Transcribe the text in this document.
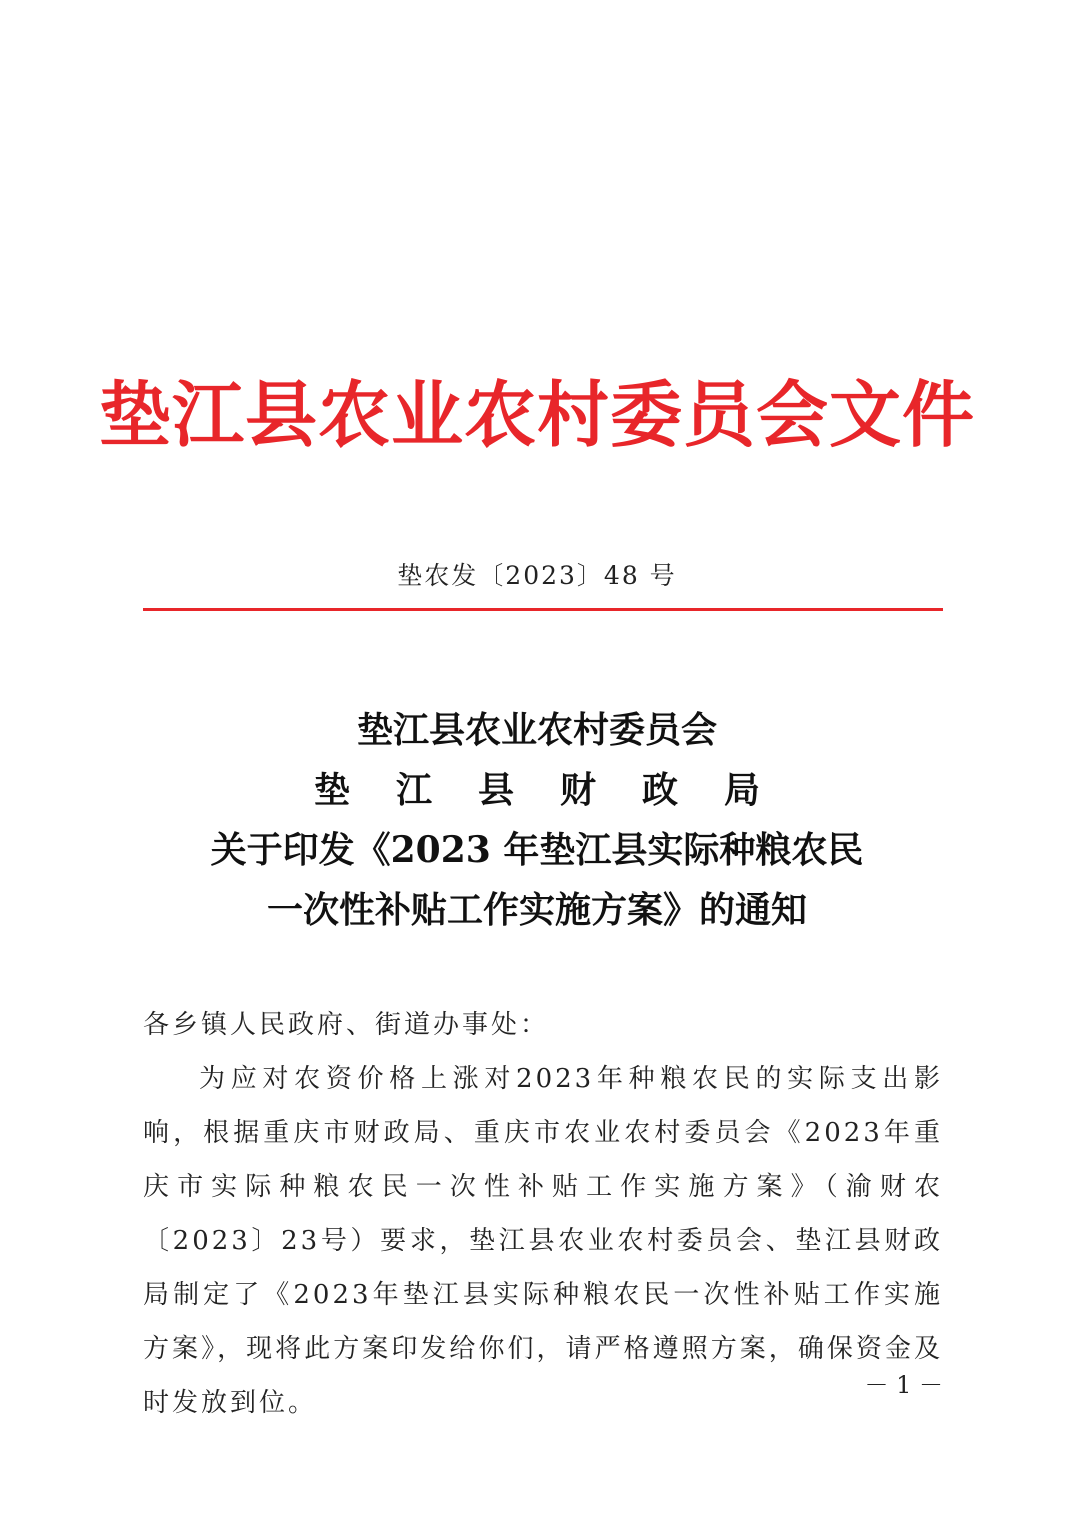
垫江县农业农村委员会文件
垫农发〔2023〕48 号
垫江县农业农村委员会
垫江县财政局
关于印发《2023 年垫江县实际种粮农民
一次性补贴工作实施方案》的通知
各乡镇人民政府、街道办事处：
为应对农资价格上涨对2023年种粮农民的实际支出影响，根据重庆市财政局、重庆市农业农村委员会《2023年重庆市实际种粮农民一次性补贴工作实施方案》（渝财农〔2023〕23号）要求，垫江县农业农村委员会、垫江县财政局制定了《2023年垫江县实际种粮农民一次性补贴工作实施方案》，现将此方案印发给你们，请严格遵照方案，确保资金及时发放到位。
－ 1 －
